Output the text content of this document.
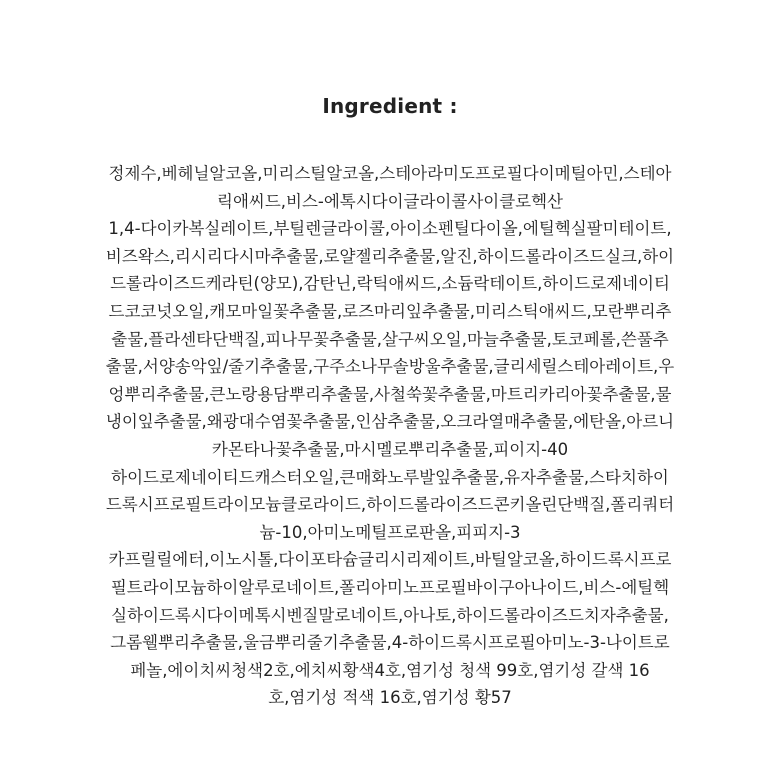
Ingredient :
정제수,베헤닐알코올,미리스틸알코올,스테아라미도프로필다이메틸아민,스테아
릭애씨드,비스-에톡시다이글라이콜사이클로헥산
1,4-다이카복실레이트,부틸렌글라이콜,아이소펜틸다이올,에틸헥실팔미테이트,
비즈왁스,리시리다시마추출물,로얄젤리추출물,알진,하이드롤라이즈드실크,하이
드롤라이즈드케라틴(양모),감탄닌,락틱애씨드,소듐락테이트,하이드로제네이티
드코코넛오일,캐모마일꽃추출물,로즈마리잎추출물,미리스틱애씨드,모란뿌리추
출물,플라센타단백질,피나무꽃추출물,살구씨오일,마늘추출물,토코페롤,쓴풀추
출물,서양송악잎/줄기추출물,구주소나무솔방울추출물,글리세릴스테아레이트,우
엉뿌리추출물,큰노랑용담뿌리추출물,사철쑥꽃추출물,마트리카리아꽃추출물,물
냉이잎추출물,왜광대수염꽃추출물,인삼추출물,오크라열매추출물,에탄올,아르니
카몬타나꽃추출물,마시멜로뿌리추출물,피이지-40
하이드로제네이티드캐스터오일,큰매화노루발잎추출물,유자추출물,스타치하이
드록시프로필트라이모늄클로라이드,하이드롤라이즈드콘키올린단백질,폴리쿼터
늄-10,아미노메틸프로판올,피피지-3
카프릴릴에터,이노시톨,다이포타슘글리시리제이트,바틸알코올,하이드록시프로
필트라이모늄하이알루로네이트,폴리아미노프로필바이구아나이드,비스-에틸헥
실하이드록시다이메톡시벤질말로네이트,아나토,하이드롤라이즈드치자추출물,
그롬웰뿌리추출물,울금뿌리줄기추출물,4-하이드록시프로필아미노-3-나이트로
페놀,에이치씨청색2호,에치씨황색4호,염기성 청색 99호,염기성 갈색 16
호,염기성 적색 16호,염기성 황57
